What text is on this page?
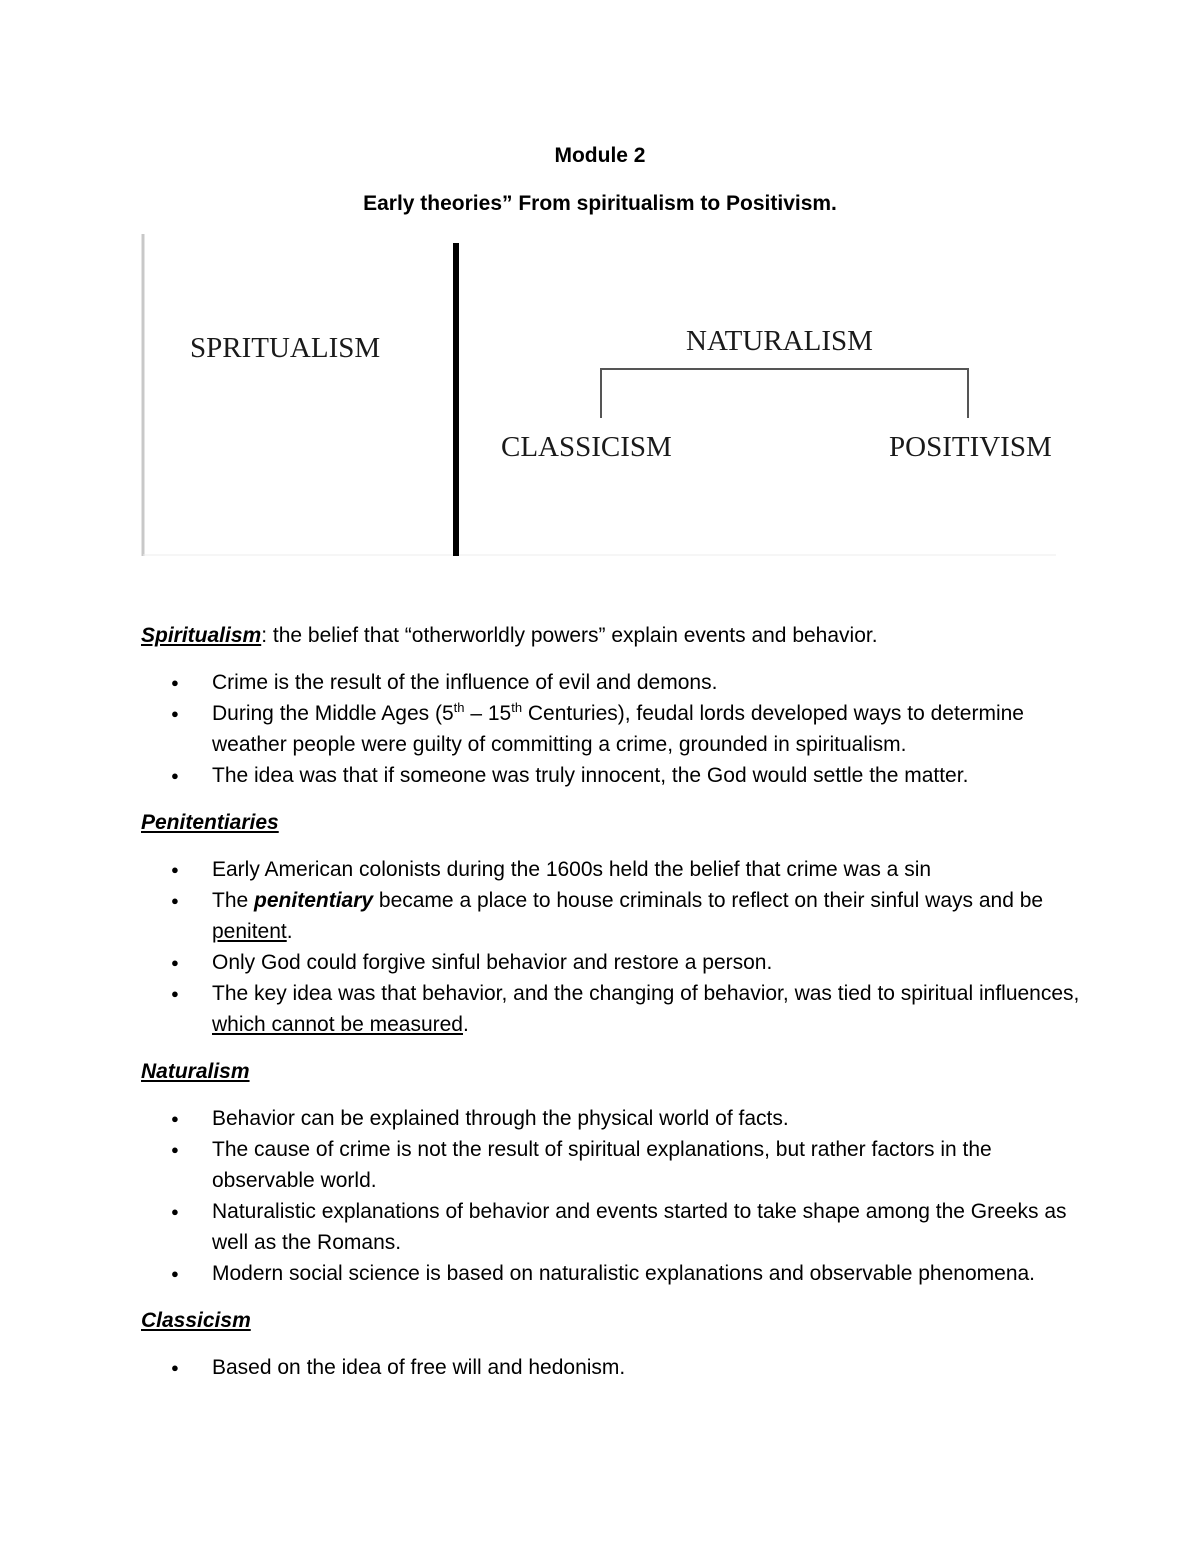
Module 2
Early theories” From spiritualism to Positivism.
SPRITUALISM	NATURALISM
CLASSICISM	POSITIVISM

Spiritualism: the belief that “otherworldly powers” explain events and behavior.

● Crime is the result of the influence of evil and demons.
● During the Middle Ages (5th – 15th Centuries), feudal lords developed ways to determine weather people were guilty of committing a crime, grounded in spiritualism.
● The idea was that if someone was truly innocent, the God would settle the matter.

Penitentiaries

● Early American colonists during the 1600s held the belief that crime was a sin
● The penitentiary became a place to house criminals to reflect on their sinful ways and be penitent.
● Only God could forgive sinful behavior and restore a person.
● The key idea was that behavior, and the changing of behavior, was tied to spiritual influences, which cannot be measured.

Naturalism

● Behavior can be explained through the physical world of facts.
● The cause of crime is not the result of spiritual explanations, but rather factors in the observable world.
● Naturalistic explanations of behavior and events started to take shape among the Greeks as well as the Romans.
● Modern social science is based on naturalistic explanations and observable phenomena.

Classicism

● Based on the idea of free will and hedonism.
